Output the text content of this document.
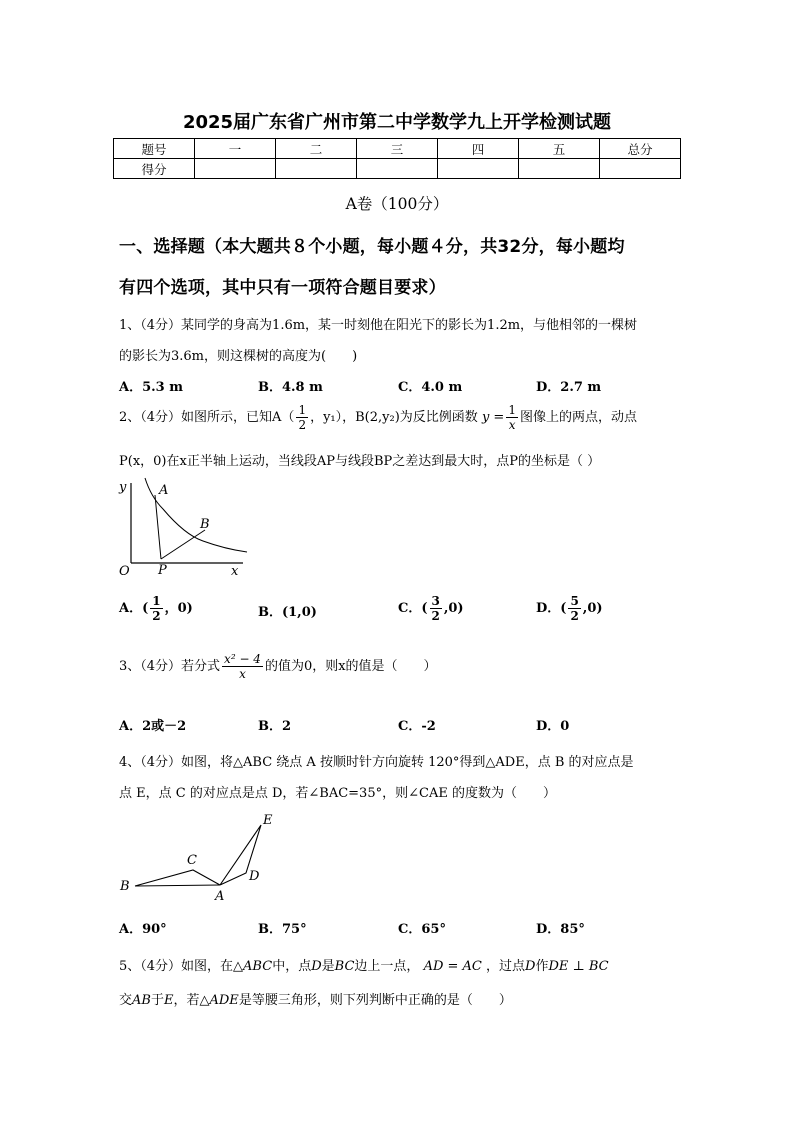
2025届广东省广州市第二中学数学九上开学检测试题
题号	一	二	三	四	五	总分
得分						
A卷（100分）
一、选择题（本大题共８个小题，每小题４分，共32分，每小题均
有四个选项，其中只有一项符合题目要求）
1、（4分）某同学的身高为1.6m，某一时刻他在阳光下的影长为1.2m，与他相邻的一棵树
的影长为3.6m，则这棵树的高度为(　　)
A．5.3 m	B．4.8 m	C．4.0 m	D．2.7 m
2、（4分）如图所示，已知$A( \frac{1}{2}$ ，y₁），B(2,y₂)为反比例函数 $y = \frac{1}{x}$ 图像上的两点，动点
P(x，0)在x正半轴上运动，当线段AP与线段BP之差达到最大时，点P的坐标是（ ）
y
x
O
A
B
P
A．( $\frac{1}{2}$ ，0)	B．(1,0)	C．( $\frac{3}{2} ,0$)	D．( $\frac{5}{2} ,0$)
3、（4分）若分式 $\frac{\text{x² − 4}}{x}$ 的值为0，则x的值是（　　）
A．2或－2	B．2	C．-2	D．0
4、（4分）如图，将△ABC 绕点 A 按顺时针方向旋转 120°得到△ADE，点 B 的对应点是
点 E，点 C 的对应点是点 D，若∠BAC=35°，则∠CAE 的度数为（　　）
B
C
A
D
E
A．90°	B．75°	C．65°	D．85°
5、（4分）如图，在△ABC中，点D是BC边上一点， AD = AC ，过点D作DE ⊥ BC
交AB于E，若△ADE是等腰三角形，则下列判断中正确的是（　　）
